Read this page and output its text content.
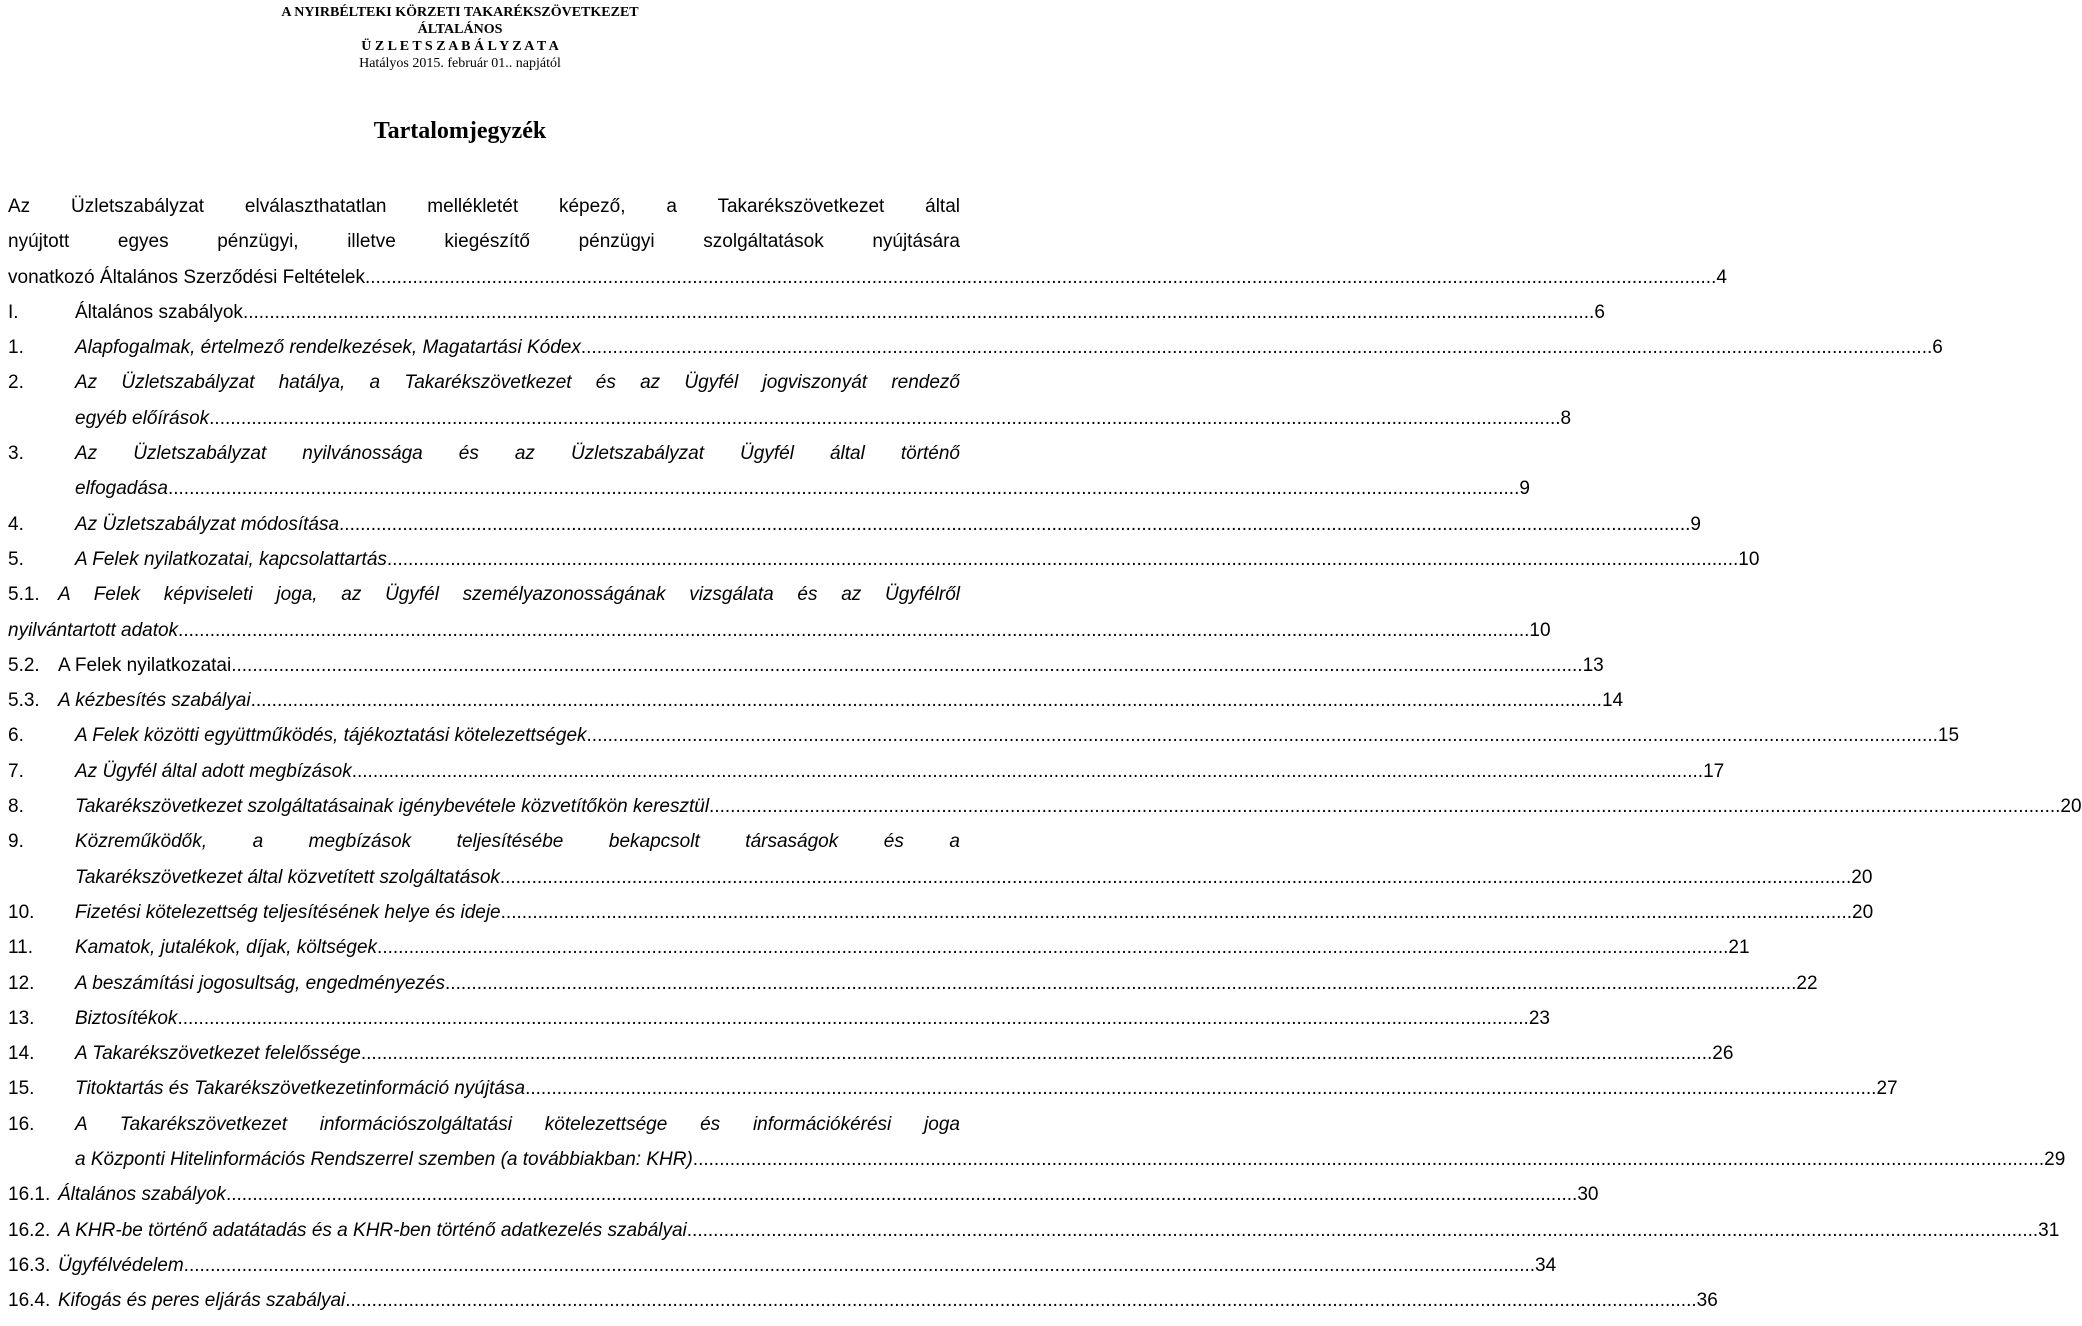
A NYIRBÉLTEKI KÖRZETI TAKARÉKSZÖVETKEZET
ÁLTALÁNOS
Ü Z L E T S Z A B Á L Y Z A T A
Hatályos 2015. február 01.. napjától
Tartalomjegyzék
Az Üzletszabályzat elválaszthatatlan mellékletét képező, a Takarékszövetkezet által
nyújtott egyes pénzügyi, illetve kiegészítő pénzügyi szolgáltatások nyújtására
vonatkozó Általános Szerződési Feltételek .....	4
I.	Általános szabályok .....	6
1.	Alapfogalmak, értelmező rendelkezések, Magatartási Kódex .....	6
2.	Az Üzletszabályzat hatálya, a Takarékszövetkezet és az Ügyfél jogviszonyát rendező
egyéb előírások .....	8
3.	Az Üzletszabályzat nyilvánossága és az Üzletszabályzat Ügyfél által történő
elfogadása .....	9
4.	Az Üzletszabályzat módosítása .....	9
5.	A Felek nyilatkozatai, kapcsolattartás .....	10
5.1. A Felek képviseleti joga, az Ügyfél személyazonosságának vizsgálata és az Ügyfélről
nyilvántartott adatok .....	10
5.2. A Felek nyilatkozatai .....	13
5.3. A kézbesítés szabályai .....	14
6.	A Felek közötti együttműködés, tájékoztatási kötelezettségek .....	15
7.	Az Ügyfél által adott megbízások .....	17
8.	Takarékszövetkezet szolgáltatásainak igénybevétele közvetítőkön keresztül .....	20
9.	Közreműködők, a megbízások teljesítésébe bekapcsolt társaságok és a
Takarékszövetkezet által közvetített szolgáltatások .....	20
10.	Fizetési kötelezettség teljesítésének helye és ideje .....	20
11.	Kamatok, jutalékok, díjak, költségek .....	21
12.	A beszámítási jogosultság, engedményezés .....	22
13.	Biztosítékok .....	23
14.	A Takarékszövetkezet felelőssége .....	26
15.	Titoktartás és Takarékszövetkezetinformáció nyújtása .....	27
16.	A Takarékszövetkezet információszolgáltatási kötelezettsége és információkérési joga
a Központi Hitelinformációs Rendszerrel szemben (a továbbiakban: KHR) .....	29
16.1. Általános szabályok .....	30
16.2. A KHR-be történő adatátadás és a KHR-ben történő adatkezelés szabályai .....	31
16.3. Ügyfélvédelem .....	34
16.4. Kifogás és peres eljárás szabályai .....	36
